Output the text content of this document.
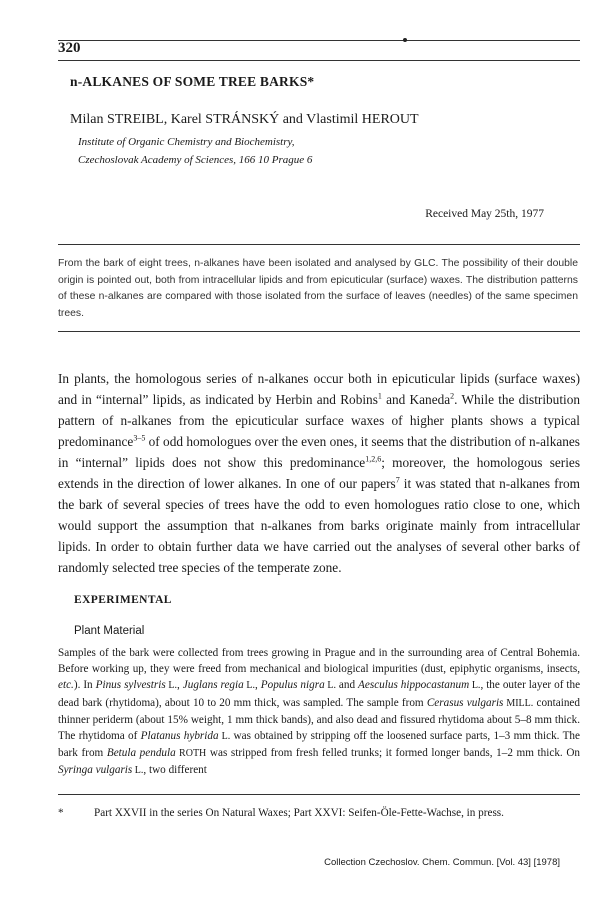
320
n-ALKANES OF SOME TREE BARKS*
Milan STREIBL, Karel STRÁNSKÝ and Vlastimil HEROUT
Institute of Organic Chemistry and Biochemistry,
Czechoslovak Academy of Sciences, 166 10 Prague 6
Received May 25th, 1977
From the bark of eight trees, n-alkanes have been isolated and analysed by GLC. The possibility of their double origin is pointed out, both from intracellular lipids and from epicuticular (surface) waxes. The distribution patterns of these n-alkanes are compared with those isolated from the surface of leaves (needles) of the same specimen trees.
In plants, the homologous series of n-alkanes occur both in epicuticular lipids (surface waxes) and in “internal” lipids, as indicated by Herbin and Robins$^1$ and Kaneda$^2$. While the distribution pattern of n-alkanes from the epicuticular surface waxes of higher plants shows a typical predominance$^{3-5}$ of odd homologues over the even ones, it seems that the distribution of n-alkanes in “internal” lipids does not show this predominance$^{1,2,6}$; moreover, the homologous series extends in the direction of lower alkanes. In one of our papers$^7$ it was stated that n-alkanes from the bark of several species of trees have the odd to even homologues ratio close to one, which would support the assumption that n-alkanes from barks originate mainly from intracellular lipids. In order to obtain further data we have carried out the analyses of several other barks of randomly selected tree species of the temperate zone.
EXPERIMENTAL
Plant Material
Samples of the bark were collected from trees growing in Prague and in the surrounding area of Central Bohemia. Before working up, they were freed from mechanical and biological impurities (dust, epiphytic organisms, insects, etc.). In Pinus sylvestris L., Juglans regia L., Populus nigra L. and Aesculus hippocastanum L., the outer layer of the dead bark (rhytidoma), about 10 to 20 mm thick, was sampled. The sample from Cerasus vulgaris MILL. contained thinner periderm (about 15% weight, 1 mm thick bands), and also dead and fissured rhytidoma about 5–8 mm thick. The rhytidoma of Platanus hybrida L. was obtained by stripping off the loosened surface parts, 1–3 mm thick. The bark from Betula pendula ROTH was stripped from fresh felled trunks; it formed longer bands, 1–2 mm thick. On Syringa vulgaris L., two different
*	Part XXVII in the series On Natural Waxes; Part XXVI: Seifen-Öle-Fette-Wachse, in press.
Collection Czechoslov. Chem. Commun. [Vol. 43] [1978]
